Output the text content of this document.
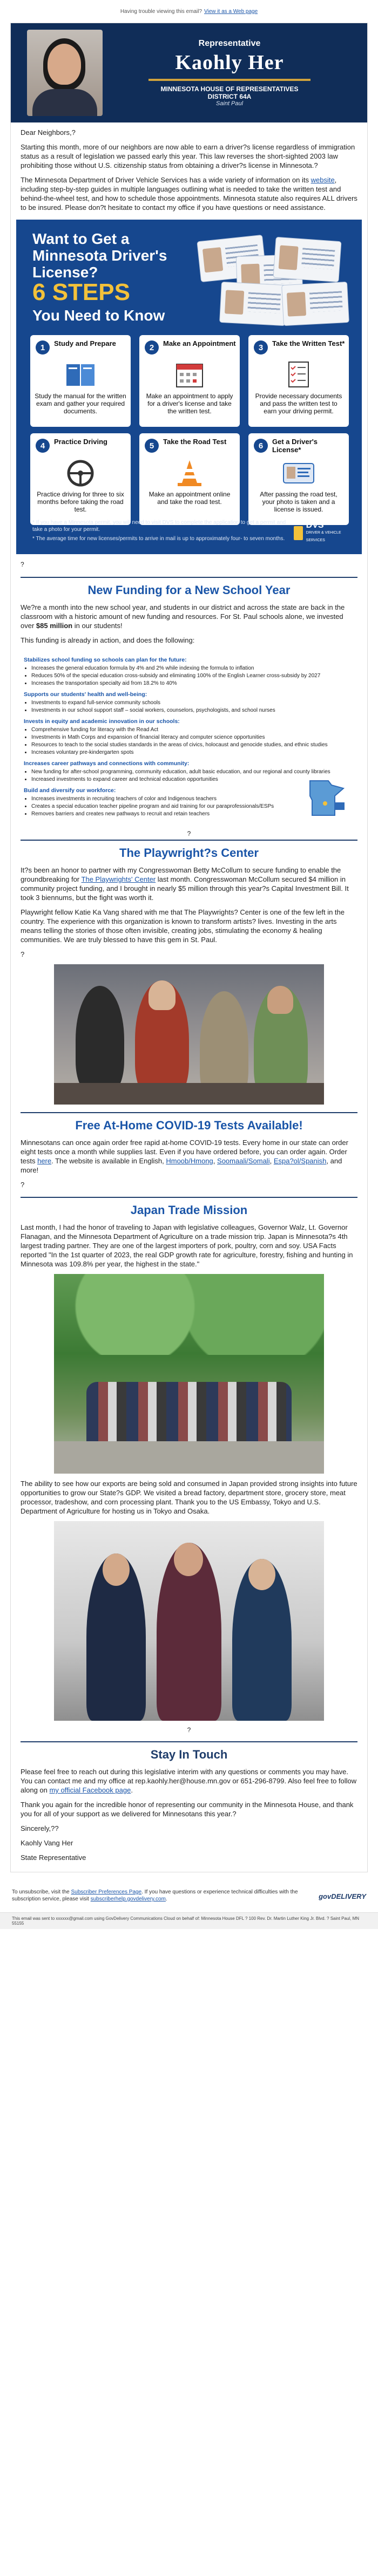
Having trouble viewing this email? View it as a Web page
Representative
Kaohly Her
MINNESOTA HOUSE OF REPRESENTATIVES
DISTRICT 64A
Saint Paul

Dear Neighbors,?

Starting this month, more of our neighbors are now able to earn a driver?s license regardless of immigration status as a result of legislation we passed early this year. This law reverses the short-sighted 2003 law prohibiting those without U.S. citizenship status from obtaining a driver?s license in Minnesota.?

The Minnesota Department of Driver Vehicle Services has a wide variety of information on its website, including step-by-step guides in multiple languages outlining what is needed to take the written test and behind-the-wheel test, and how to schedule those appointments. Minnesota statute also requires ALL drivers to be insured. Please don?t hesitate to contact my office if you have questions or need assistance.

Want to Get a Minnesota Driver's License?
6 STEPS
You Need to Know
1	Study and Prepare
Study the manual for the written exam and gather your required documents.
2	Make an Appointment
Make an appointment to apply for a driver's license and take the written test.
3	Take the Written Test*
Provide necessary documents and pass the written test to earn your driving permit.
4	Practice Driving
Practice driving for three to six months before taking the road test.
5	Take the Road Test
Make an appointment online and take the road test.
6	Get a Driver's License*
After passing the road test, your photo is taken and a license is issued.
* If you have a Minnesota permit, you will need to visit DVS to complete the application to get a permit and take a photo for your permit.
* The average time for new licenses/permits to arrive in mail is up to approximately four- to seven months.
DVS
DRIVER & VEHICLE SERVICES
?
New Funding for a New School Year

We?re a month into the new school year, and students in our district and across the state are back in the classroom with a historic amount of new funding and resources. For St. Paul schools alone, we invested over $85 million in our students!

This funding is already in action, and does the following:

Stabilizes school funding so schools can plan for the future:
• Increases the general education formula by 4% and 2% while indexing the formula to inflation
• Reduces 50% of the special education cross-subsidy and eliminating 100% of the English Learner cross-subsidy by 2027
• Increases the transportation specialty aid from 18.2% to 40%
Supports our students' health and well-being:
• Investments to expand full-service community schools
• Investments in our school support staff – social workers, counselors, psychologists, and school nurses
Invests in equity and academic innovation in our schools:
• Comprehensive funding for literacy with the Read Act
• Investments in Math Corps and expansion of financial literacy and computer science opportunities
• Resources to teach to the social studies standards in the areas of civics, holocaust and genocide studies, and ethnic studies
• Increases voluntary pre-kindergarten spots
Increases career pathways and connections with community:
• New funding for after-school programming, community education, adult basic education, and our regional and county libraries
• Increased investments to expand career and technical education opportunities
Build and diversify our workforce:
• Increases investments in recruiting teachers of color and Indigenous teachers
• Creates a special education teacher pipeline program and aid training for our paraprofessionals/ESPs
• Removes barriers and creates new pathways to recruit and retain teachers
?
The Playwright?s Center

It?s been an honor to partner with my Congresswoman Betty McCollum to secure funding to enable the groundbreaking for The Playwrights' Center last month. Congresswoman McCollum secured $4 million in community project funding, and I brought in nearly $5 million through this year?s Capital Investment Bill. It took 3 biennums, but the fight was worth it.

Playwright fellow Katie Ka Vang shared with me that The Playwrights? Center is one of the few left in the country. The experience with this organization is known to transform artists? lives. Investing in the arts means telling the stories of those often invisible, creating jobs, stimulating the economy & healing communities. We are truly blessed to have this gem in St. Paul.

?

Free At-Home COVID-19 Tests Available!

Minnesotans can once again order free rapid at-home COVID-19 tests. Every home in our state can order eight tests once a month while supplies last. Even if you have ordered before, you can order again. Order tests here. The website is available in English, Hmoob/Hmong, Soomaali/Somali, Espa?ol/Spanish, and more!

?

Japan Trade Mission

Last month, I had the honor of traveling to Japan with legislative colleagues, Governor Walz, Lt. Governor Flanagan, and the Minnesota Department of Agriculture on a trade mission trip. Japan is Minnesota?s 4th largest trading partner. They are one of the largest importers of pork, poultry, corn and soy. USA Facts reported "In the 1st quarter of 2023, the real GDP growth rate for agriculture, forestry, fishing and hunting in Minnesota was 109.8% per year, the highest in the state."

The ability to see how our exports are being sold and consumed in Japan provided strong insights into future opportunities to grow our State?s GDP. We visited a bread factory, department store, grocery store, meat processor, tradeshow, and corn processing plant. Thank you to the US Embassy, Tokyo and U.S. Department of Agriculture for hosting us in Tokyo and Osaka.

?
Stay In Touch

Please feel free to reach out during this legislative interim with any questions or comments you may have. You can contact me and my office at rep.kaohly.her@house.mn.gov or 651-296-8799. Also feel free to follow along on my official Facebook page.

Thank you again for the incredible honor of representing our community in the Minnesota House, and thank you for all of your support as we delivered for Minnesotans this year.?

Sincerely,??

Kaohly Vang Her

State Representative

To unsubscribe, visit the Subscriber Preferences Page. If you have questions or experience technical difficulties with the subscription service, please visit subscriberhelp.govdelivery.com.	govDELIVERY
This email was sent to xxxxxx@gmail.com using GovDelivery Communications Cloud on behalf of: Minnesota House DFL ? 100 Rev. Dr. Martin Luther King Jr. Blvd. ? Saint Paul, MN 55155
